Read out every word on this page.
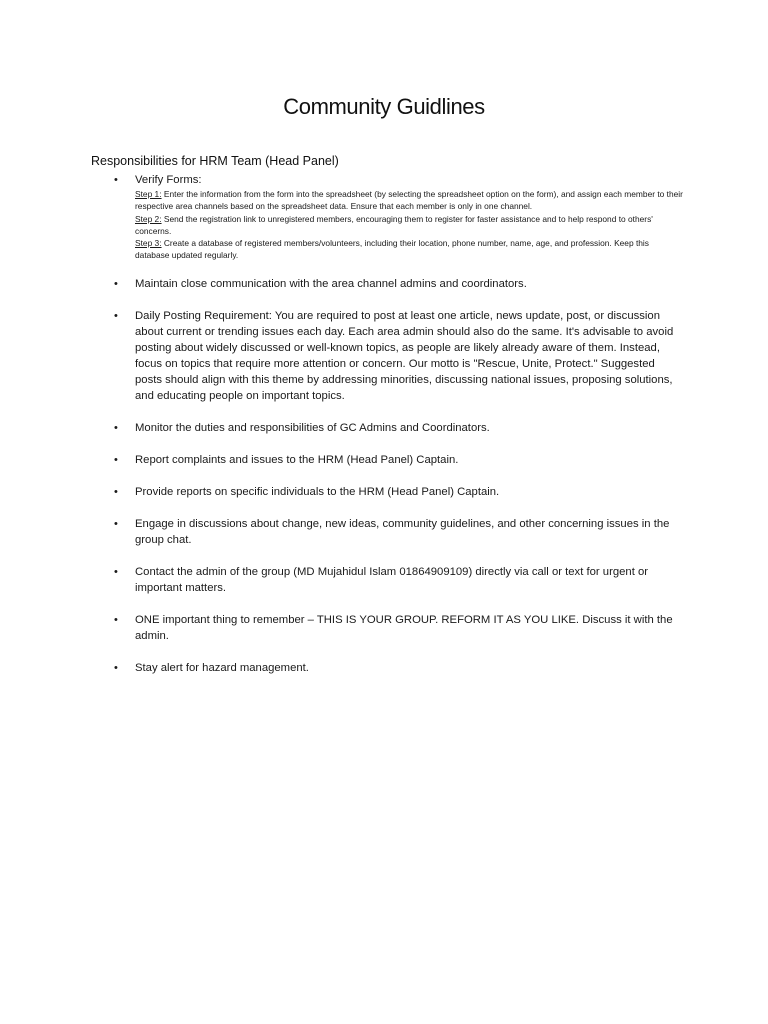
Community Guidlines
Responsibilities for HRM Team (Head Panel)
• Verify Forms:
Step 1: Enter the information from the form into the spreadsheet (by selecting the spreadsheet option on the form), and assign each member to their respective area channels based on the spreadsheet data. Ensure that each member is only in one channel.
Step 2: Send the registration link to unregistered members, encouraging them to register for faster assistance and to help respond to others' concerns.
Step 3: Create a database of registered members/volunteers, including their location, phone number, name, age, and profession. Keep this database updated regularly.
• Maintain close communication with the area channel admins and coordinators.
• Daily Posting Requirement: You are required to post at least one article, news update, post, or discussion about current or trending issues each day. Each area admin should also do the same. It's advisable to avoid posting about widely discussed or well-known topics, as people are likely already aware of them. Instead, focus on topics that require more attention or concern. Our motto is "Rescue, Unite, Protect." Suggested posts should align with this theme by addressing minorities, discussing national issues, proposing solutions, and educating people on important topics.
• Monitor the duties and responsibilities of GC Admins and Coordinators.
• Report complaints and issues to the HRM (Head Panel) Captain.
• Provide reports on specific individuals to the HRM (Head Panel) Captain.
• Engage in discussions about change, new ideas, community guidelines, and other concerning issues in the group chat.
• Contact the admin of the group (MD Mujahidul Islam 01864909109) directly via call or text for urgent or important matters.
• ONE important thing to remember – THIS IS YOUR GROUP. REFORM IT AS YOU LIKE. Discuss it with the admin.
• Stay alert for hazard management.
